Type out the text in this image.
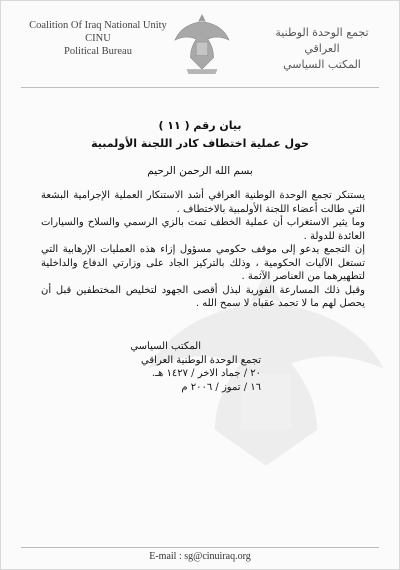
Coalition Of Iraq National Unity
CINU
Political Bureau
تجمع الوحدة الوطنية العراقي
المكتب السياسي
بيان رقم ( ١١ )
حول عملية اختطاف كادر اللجنة الأولمبية
بسم الله الرحمن الرحيم

يستنكر تجمع الوحدة الوطنية العراقي أشد الاستنكار العملية الإجرامية البشعة التي طالت أعضاء اللجنة الأولمبية بالاختطاف .

وما يثير الاستغراب أن عملية الخطف تمت بالزي الرسمي والسلاح والسيارات العائدة للدولة .

إن التجمع يدعو إلى موقف حكومي مسؤول إزاء هذه العمليات الإرهابية التي تستغل الآليات الحكومية ، وذلك بالتركيز الجاد على وزارتي الدفاع والداخلية لتطهيرهما من العناصر الآثمة .

وقبل ذلك المسارعة الفورية لبذل أقصى الجهود لتخليص المختطفين قبل أن يحصل لهم ما لا تحمد عقباه لا سمح الله .

المكتب السياسي
تجمع الوحدة الوطنية العراقي
٢٠ / جماد الاخر / ١٤٢٧ هـ.
١٦ / تموز / ٢٠٠٦ م
E-mail : sg@cinuiraq.org
